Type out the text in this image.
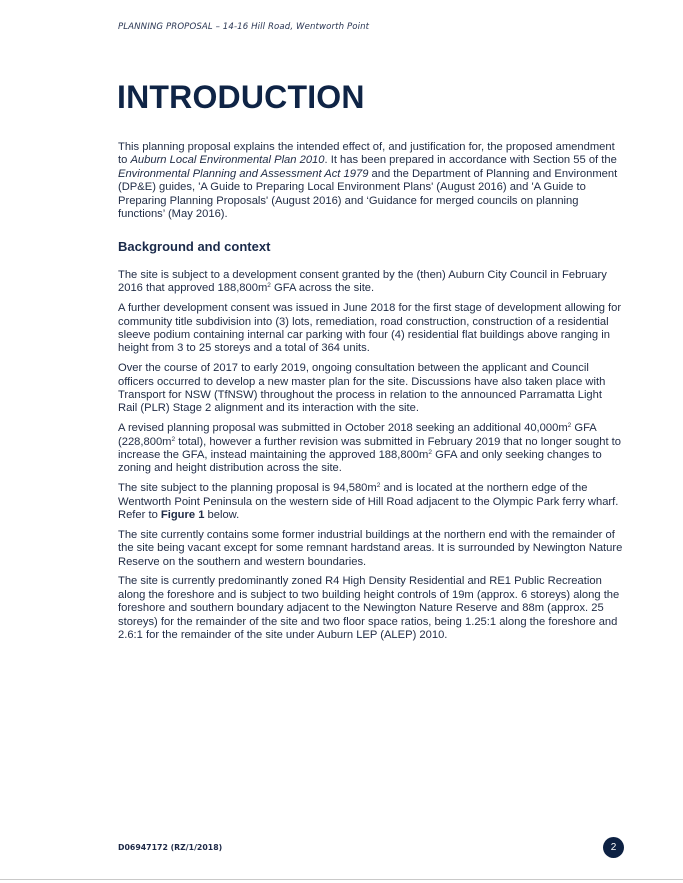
PLANNING PROPOSAL – 14-16 Hill Road, Wentworth Point
INTRODUCTION

This planning proposal explains the intended effect of, and justification for, the proposed amendment to Auburn Local Environmental Plan 2010. It has been prepared in accordance with Section 55 of the Environmental Planning and Assessment Act 1979 and the Department of Planning and Environment (DP&E) guides, 'A Guide to Preparing Local Environment Plans' (August 2016) and 'A Guide to Preparing Planning Proposals' (August 2016) and ‘Guidance for merged councils on planning functions’ (May 2016).

Background and context

The site is subject to a development consent granted by the (then) Auburn City Council in February 2016 that approved $188,800m^2$ GFA across the site.

A further development consent was issued in June 2018 for the first stage of development allowing for community title subdivision into (3) lots, remediation, road construction, construction of a residential sleeve podium containing internal car parking with four (4) residential flat buildings above ranging in height from 3 to 25 storeys and a total of 364 units.

Over the course of 2017 to early 2019, ongoing consultation between the applicant and Council officers occurred to develop a new master plan for the site. Discussions have also taken place with Transport for NSW (TfNSW) throughout the process in relation to the announced Parramatta Light Rail (PLR) Stage 2 alignment and its interaction with the site.

A revised planning proposal was submitted in October 2018 seeking an additional $40,000m^2$ GFA ($228,800m^2$ total), however a further revision was submitted in February 2019 that no longer sought to increase the GFA, instead maintaining the approved $188,800m^2$ GFA and only seeking changes to zoning and height distribution across the site.

The site subject to the planning proposal is $94,580m^2$ and is located at the northern edge of the Wentworth Point Peninsula on the western side of Hill Road adjacent to the Olympic Park ferry wharf. Refer to Figure 1 below.

The site currently contains some former industrial buildings at the northern end with the remainder of the site being vacant except for some remnant hardstand areas. It is surrounded by Newington Nature Reserve on the southern and western boundaries.

The site is currently predominantly zoned R4 High Density Residential and RE1 Public Recreation along the foreshore and is subject to two building height controls of 19m (approx. 6 storeys) along the foreshore and southern boundary adjacent to the Newington Nature Reserve and 88m (approx. 25 storeys) for the remainder of the site and two floor space ratios, being 1.25:1 along the foreshore and 2.6:1 for the remainder of the site under Auburn LEP (ALEP) 2010.

D06947172 (RZ/1/2018)	2
